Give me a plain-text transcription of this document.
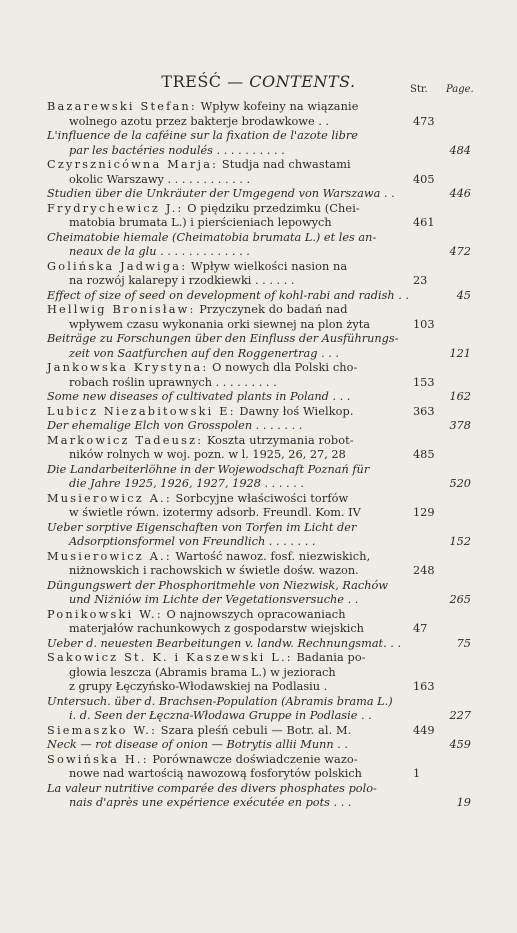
TREŚĆ — CONTENTS.	Str. Page.
Bazarewski Stefan: Wpływ kofeiny na wiązanie
wolnego azotu przez bakterje brodawkowe . .	473
L'influence de la caféine sur la fixation de l'azote libre
par les bactéries nodulés . . . . . . . . . .	484
Czyrsznicówna Marja: Studja nad chwastami
okolic Warszawy . . . . . . . . . . . .	405
Studien über die Unkräuter der Umgegend von Warszawa . .	446
Frydrychewicz J.: O piędziku przedzimku (Chei-
matobia brumata L.) i pierścieniach lepowych	461
Cheimatobie hiemale (Cheimatobia brumata L.) et les an-
neaux de la glu . . . . . . . . . . . . .	472
Golińska Jadwiga: Wpływ wielkości nasion na
na rozwój kalarepy i rzodkiewki . . . . . .	23
Effect of size of seed on development of kohl-rabi and radish . .	45
Hellwig Bronisław: Przyczynek do badań nad
wpływem czasu wykonania orki siewnej na plon żyta	103
Beiträge zu Forschungen über den Einfluss der Ausführungs-
zeit von Saatfurchen auf den Roggenertrag . . .	121
Jankowska Krystyna: O nowych dla Polski cho-
robach roślin uprawnych . . . . . . . . .	153
Some new diseases of cultivated plants in Poland . . .	162
Lubicz Niezabitowski E: Dawny łoś Wielkop.	363
Der ehemalige Elch von Grosspolen . . . . . . .	378
Markowicz Tadeusz: Koszta utrzymania robot-
ników rolnych w woj. pozn. w l. 1925, 26, 27, 28	485
Die Landarbeiterlöhne in der Wojewodschaft Poznań für
die Jahre 1925, 1926, 1927, 1928 . . . . . .	520
Musierowicz A.: Sorbcyjne właściwości torfów
w świetle równ. izotermy adsorb. Freundl. Kom. IV	129
Ueber sorptive Eigenschaften von Torfen im Licht der
Adsorptionsformel von Freundlich . . . . . . .	152
Musierowicz A.: Wartość nawoz. fosf. niezwiskich,
niżnowskich i rachowskich w świetle dośw. wazon.	248
Düngungswert der Phosphoritmehle von Niezwisk, Rachów
und Niżniów im Lichte der Vegetationsversuche . .	265
Ponikowski W.: O najnowszych opracowaniach
materjałów rachunkowych z gospodarstw wiejskich	47
Ueber d. neuesten Bearbeitungen v. landw. Rechnungsmat. . .	75
Sakowicz St. K. i Kaszewski L.: Badania po-
głowia leszcza (Abramis brama L.) w jeziorach
z grupy Łęczyńsko-Włodawskiej na Podlasiu .	163
Untersuch. über d. Brachsen-Population (Abramis brama L.)
i. d. Seen der Łęczna-Włodawa Gruppe in Podlasie . .	227
Siemaszko W.: Szara pleśń cebuli — Botr. al. M.	449
Neck — rot disease of onion — Botrytis allii Munn . .	459
Sowińska H.: Porównawcze doświadczenie wazo-
nowe nad wartością nawozową fosforytów polskich	1
La valeur nutritive comparée des divers phosphates polo-
nais d'après une expérience exécutée en pots . . .	19
